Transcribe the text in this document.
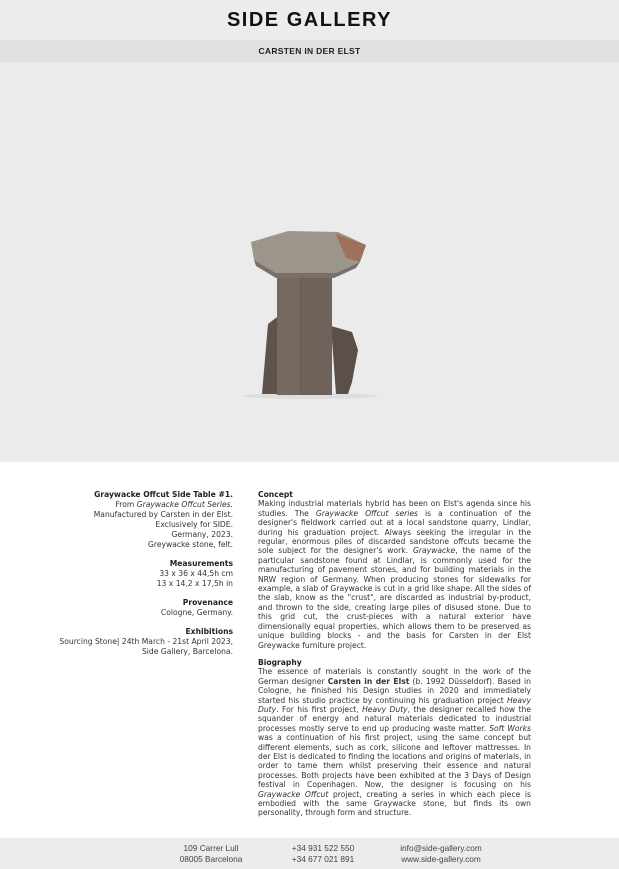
SIDE GALLERY
CARSTEN IN DER ELST
Graywacke Offcut Side Table #1.
From Graywacke Offcut Series.
Manufactured by Carsten in der Elst.
Exclusively for SIDE.
Germany, 2023.
Greywacke stone, felt.
Measurements
33 x 36 x 44,5h cm
13 x 14,2 x 17,5h in
Provenance
Cologne, Germany.
Exhibitions
Sourcing Stone| 24th March - 21st April 2023,
Side Gallery, Barcelona.
Concept

Making industrial materials hybrid has been on Elst's agenda since his studies. The Graywacke Offcut series is a continuation of the designer's fieldwork carried out at a local sandstone quarry, Lindlar, during his graduation project. Always seeking the irregular in the regular, enormous piles of discarded sandstone offcuts became the sole subject for the designer's work. Graywacke, the name of the particular sandstone found at Lindlar, is commonly used for the manufacturing of pavement stones, and for building materials in the NRW region of Germany. When producing stones for sidewalks for example, a slab of Graywacke is cut in a grid like shape. All the sides of the slab, know as the "crust", are discarded as industrial by-product, and thrown to the side, creating large piles of disused stone. Due to this grid cut, the crust-pieces with a natural exterior have dimensionally equal properties, which allows them to be preserved as unique building blocks - and the basis for Carsten in der Elst Greywacke furniture project.

Biography

The essence of materials is constantly sought in the work of the German designer Carsten in der Elst (b. 1992 Düsseldorf). Based in Cologne, he finished his Design studies in 2020 and immediately started his studio practice by continuing his graduation project Heavy Duty. For his first project, Heavy Duty, the designer recalled how the squander of energy and natural materials dedicated to industrial processes mostly serve to end up producing waste matter. Soft Works was a continuation of his first project, using the same concept but different elements, such as cork, silicone and leftover mattresses. In der Elst is dedicated to finding the locations and origins of materials, in order to tame them whilst preserving their essence and natural processes. Both projects have been exhibited at the 3 Days of Design festival in Copenhagen. Now, the designer is focusing on his Graywacke Offcut project, creating a series in which each piece is embodied with the same Graywacke stone, but finds its own personality, through form and structure.

109 Carrer Lull
08005 Barcelona
+34 931 522 550
+34 677 021 891
info@side-gallery.com
www.side-gallery.com
